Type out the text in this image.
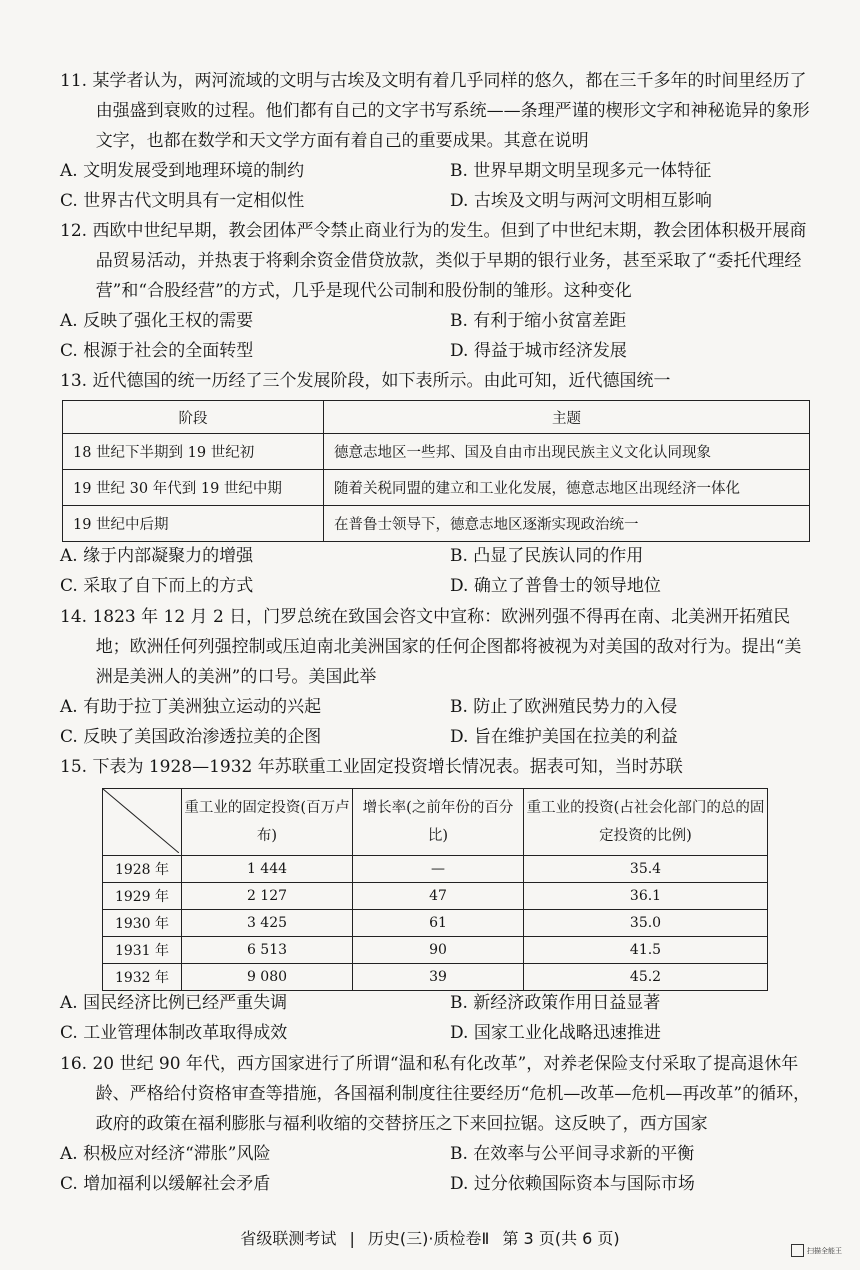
11. 某学者认为，两河流域的文明与古埃及文明有着几乎同样的悠久，都在三千多年的时间里经历了由强盛到衰败的过程。他们都有自己的文字书写系统——条理严谨的楔形文字和神秘诡异的象形文字，也都在数学和天文学方面有着自己的重要成果。其意在说明
A. 文明发展受到地理环境的制约	B. 世界早期文明呈现多元一体特征
C. 世界古代文明具有一定相似性	D. 古埃及文明与两河文明相互影响
12. 西欧中世纪早期，教会团体严令禁止商业行为的发生。但到了中世纪末期，教会团体积极开展商品贸易活动，并热衷于将剩余资金借贷放款，类似于早期的银行业务，甚至采取了“委托代理经营”和“合股经营”的方式，几乎是现代公司制和股份制的雏形。这种变化
A. 反映了强化王权的需要	B. 有利于缩小贫富差距
C. 根源于社会的全面转型	D. 得益于城市经济发展
13. 近代德国的统一历经了三个发展阶段，如下表所示。由此可知，近代德国统一
阶段	主题
18 世纪下半期到 19 世纪初	德意志地区一些邦、国及自由市出现民族主义文化认同现象
19 世纪 30 年代到 19 世纪中期	随着关税同盟的建立和工业化发展，德意志地区出现经济一体化
19 世纪中后期	在普鲁士领导下，德意志地区逐渐实现政治统一
A. 缘于内部凝聚力的增强	B. 凸显了民族认同的作用
C. 采取了自下而上的方式	D. 确立了普鲁士的领导地位
14. 1823 年 12 月 2 日，门罗总统在致国会咨文中宣称：欧洲列强不得再在南、北美洲开拓殖民地；欧洲任何列强控制或压迫南北美洲国家的任何企图都将被视为对美国的敌对行为。提出“美洲是美洲人的美洲”的口号。美国此举
A. 有助于拉丁美洲独立运动的兴起	B. 防止了欧洲殖民势力的入侵
C. 反映了美国政治渗透拉美的企图	D. 旨在维护美国在拉美的利益
15. 下表为 1928—1932 年苏联重工业固定投资增长情况表。据表可知，当时苏联
	重工业的固定投资(百万卢布)	增长率(之前年份的百分比)	重工业的投资(占社会化部门的总的固定投资的比例)
1928 年	1 444	—	35.4
1929 年	2 127	47	36.1
1930 年	3 425	61	35.0
1931 年	6 513	90	41.5
1932 年	9 080	39	45.2
A. 国民经济比例已经严重失调	B. 新经济政策作用日益显著
C. 工业管理体制改革取得成效	D. 国家工业化战略迅速推进
16. 20 世纪 90 年代，西方国家进行了所谓“温和私有化改革”，对养老保险支付采取了提高退休年龄、严格给付资格审查等措施，各国福利制度往往要经历“危机—改革—危机—再改革”的循环，政府的政策在福利膨胀与福利收缩的交替挤压之下来回拉锯。这反映了，西方国家
A. 积极应对经济“滞胀”风险	B. 在效率与公平间寻求新的平衡
C. 增加福利以缓解社会矛盾	D. 过分依赖国际资本与国际市场
省级联测考试 | 历史(三)·质检卷Ⅱ 第 3 页(共 6 页)
扫描全能王
